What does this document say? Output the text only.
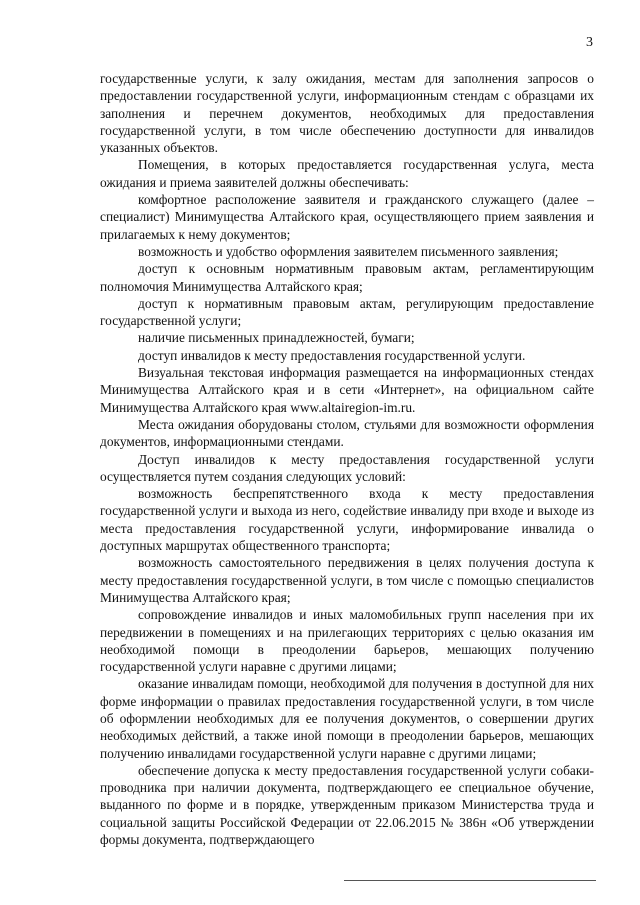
3

государственные услуги, к залу ожидания, местам для заполнения запросов о предоставлении государственной услуги, информационным стендам с образцами их заполнения и перечнем документов, необходимых для предоставления государственной услуги, в том числе обеспечению доступности для инвалидов указанных объектов.

Помещения, в которых предоставляется государственная услуга, места ожидания и приема заявителей должны обеспечивать:

комфортное расположение заявителя и гражданского служащего (далее – специалист) Минимущества Алтайского края, осуществляющего прием заявления и прилагаемых к нему документов;

возможность и удобство оформления заявителем письменного заявления;

доступ к основным нормативным правовым актам, регламентирующим полномочия Минимущества Алтайского края;

доступ к нормативным правовым актам, регулирующим предоставление государственной услуги;

наличие письменных принадлежностей, бумаги;

доступ инвалидов к месту предоставления государственной услуги.

Визуальная текстовая информация размещается на информационных стендах Минимущества Алтайского края и в сети «Интернет», на официальном сайте Минимущества Алтайского края www.altairegion-im.ru.

Места ожидания оборудованы столом, стульями для возможности оформления документов, информационными стендами.

Доступ инвалидов к месту предоставления государственной услуги осуществляется путем создания следующих условий:

возможность беспрепятственного входа к месту предоставления государственной услуги и выхода из него, содействие инвалиду при входе и выходе из места предоставления государственной услуги, информирование инвалида о доступных маршрутах общественного транспорта;

возможность самостоятельного передвижения в целях получения доступа к месту предоставления государственной услуги, в том числе с помощью специалистов Минимущества Алтайского края;

сопровождение инвалидов и иных маломобильных групп населения при их передвижении в помещениях и на прилегающих территориях с целью оказания им необходимой помощи в преодолении барьеров, мешающих получению государственной услуги наравне с другими лицами;

оказание инвалидам помощи, необходимой для получения в доступной для них форме информации о правилах предоставления государственной услуги, в том числе об оформлении необходимых для ее получения документов, о совершении других необходимых действий, а также иной помощи в преодолении барьеров, мешающих получению инвалидами государственной услуги наравне с другими лицами;

обеспечение допуска к месту предоставления государственной услуги собаки-проводника при наличии документа, подтверждающего ее специальное обучение, выданного по форме и в порядке, утвержденным приказом Министерства труда и социальной защиты Российской Федерации от 22.06.2015 № 386н «Об утверждении формы документа, подтверждающего
